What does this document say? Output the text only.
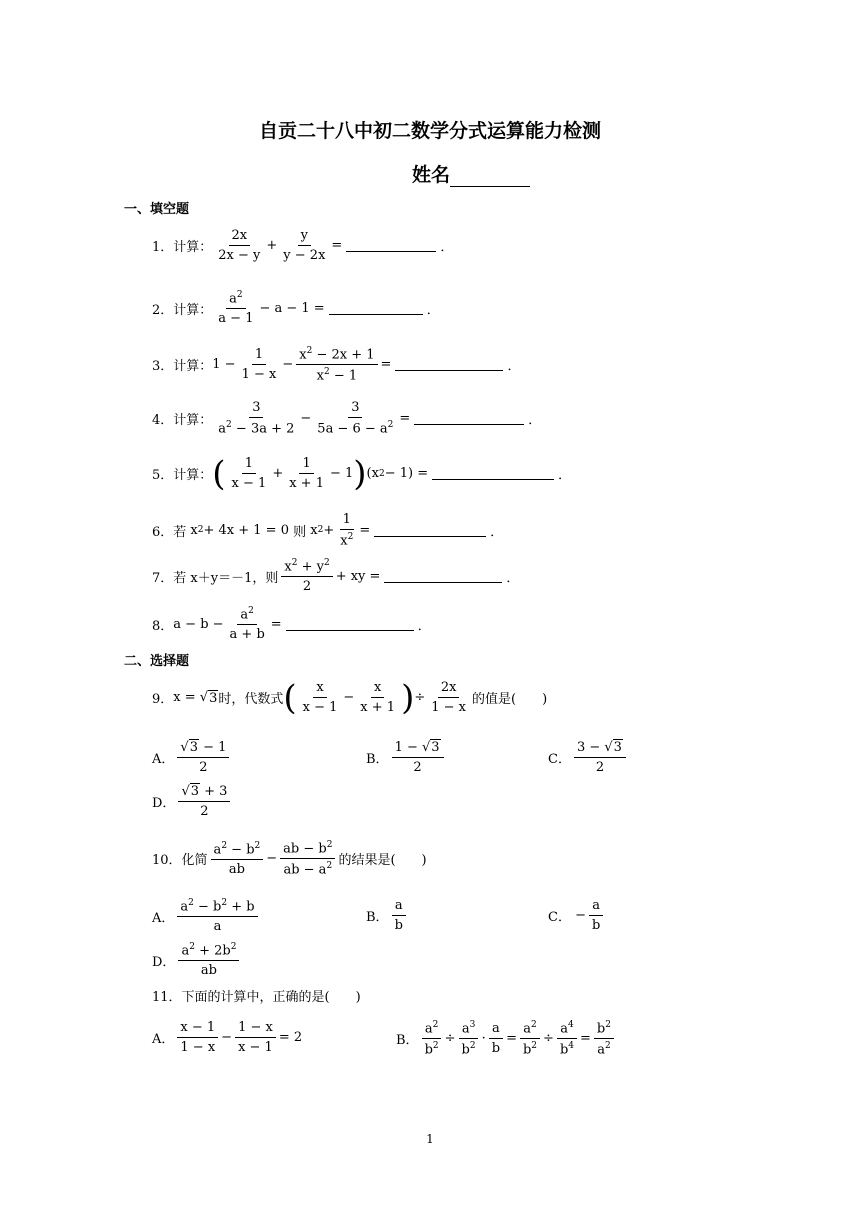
自贡二十八中初二数学分式运算能力检测
姓名
一、填空题
1．计算： $\frac{2x}{2x - y} + \frac{y}{y - 2x}$ =	．
2．计算： $\frac{a^2}{a - 1} - a - 1$ =	．
3．计算： $1 - \frac{1}{1 - x} - \frac{x^2 - 2x + 1}{x^2 - 1}$ =	．
4．计算： $\frac{3}{a^2 - 3a + 2} - \frac{3}{5a - 6 - a^2}$ =	．
5．计算： ( $\frac{1}{x - 1} + \frac{1}{x + 1} - 1$ ) (x 2 − 1) =	．
6．若 x 2 + 4x + 1 = 0 则 x $2 + \frac{1}{x^2}$ =	．
7．若 x＋y＝－1，则 $\frac{x^2 + y^2}{2}$ + xy =	．
8． $a - b - \frac{a^2}{a + b}$ =	．
二、选择题
9． x = √ 3 时，代数式 ( $\frac{x}{x - 1} - \frac{x}{x + 1}$ ) ÷ $\frac{2x}{1 - x}$ 的值是(　　)
A． $\frac{√3 - 1}{2}$	B． $\frac{1 - √3}{2}$	C． $\frac{3 - √3}{2}$
D． $\frac{√3 + 3}{2}$
10．化简 $\frac{a^2 - b^2}{ab} - \frac{ab - b^2}{ab - a^2}$ 的结果是(　　)
A． $\frac{a^2 - b^2 + b}{a}$	B． $\frac{a}{b}$	C． − $\frac{a}{b}$
D． $\frac{a^2 + 2b^2}{ab}$
11．下面的计算中，正确的是(　　)
A． $\frac{x - 1}{1 - x} - \frac{1 - x}{x - 1} = 2$	B． $\frac{a^2}{b^2} \div \frac{a^3}{b^2} \cdot \frac{a}{b} = \frac{a^2}{b^2} \div \frac{a^4}{b^4} = \frac{b^2}{a^2}$
1
